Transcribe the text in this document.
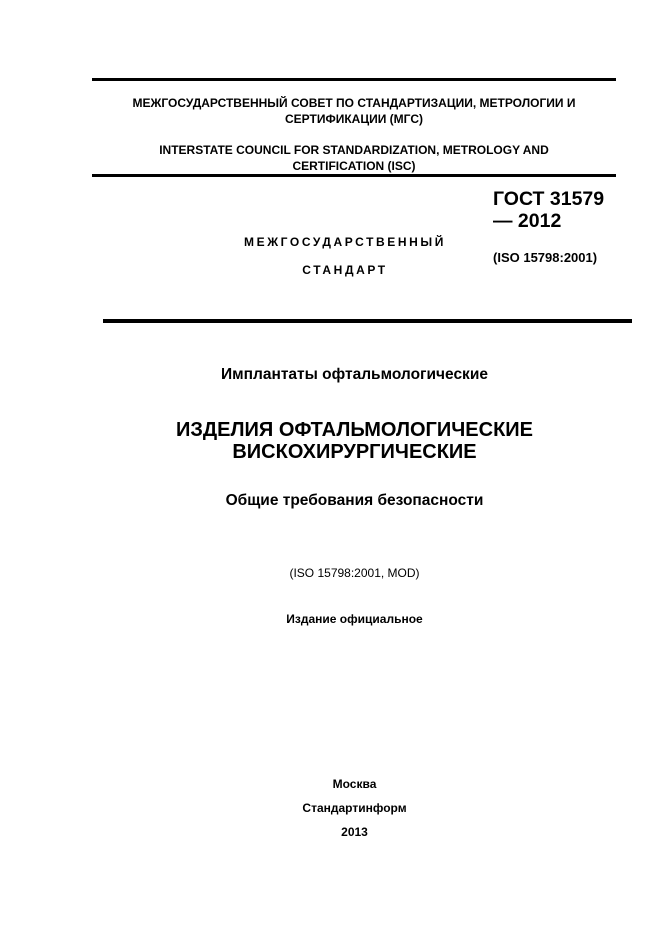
МЕЖГОСУДАРСТВЕННЫЙ СОВЕТ ПО СТАНДАРТИЗАЦИИ, МЕТРОЛОГИИ И
СЕРТИФИКАЦИИ (МГС)
INTERSTATE COUNCIL FOR STANDARDIZATION, METROLOGY AND
CERTIFICATION (ISC)
МЕЖГОСУДАРСТВЕННЫЙ
СТАНДАРТ
ГОСТ 31579
— 2012
(ISO 15798:2001)
Имплантаты офтальмологические
ИЗДЕЛИЯ ОФТАЛЬМОЛОГИЧЕСКИЕ
ВИСКОХИРУРГИЧЕСКИЕ
Общие требования безопасности
(ISO 15798:2001, MOD)
Издание официальное
Москва
Стандартинформ
2013
